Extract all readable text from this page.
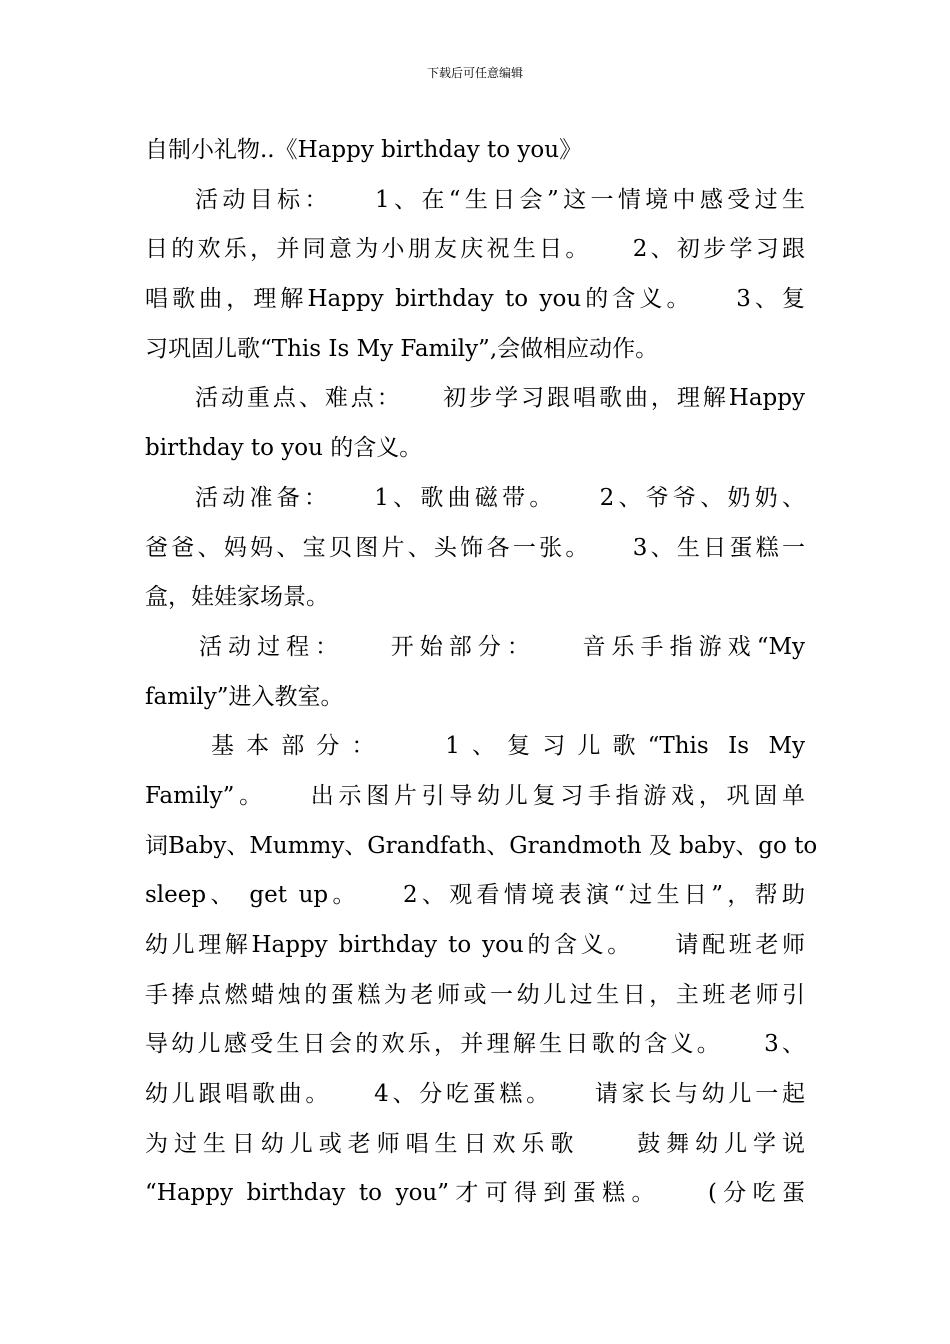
下载后可任意编辑
自制小礼物..《Happy birthday to you》
活动目标：　　1、在“生日会”这一情境中感受过生
日的欢乐，并同意为小朋友庆祝生日。　　2、初步学习跟
唱歌曲，理解Happy birthday to you的含义。　　3、复
习巩固儿歌“This Is My Family”,会做相应动作。
活动重点、难点：　　初步学习跟唱歌曲，理解Happy
birthday to you 的含义。
活动准备：　　1、歌曲磁带。　　2、爷爷、奶奶、
爸爸、妈妈、宝贝图片、头饰各一张。　　3、生日蛋糕一
盒，娃娃家场景。
活动过程：　　开始部分：　　音乐手指游戏“My
family”进入教室。
基本部分：　　1、复习儿歌“This Is My
Family”。　　出示图片引导幼儿复习手指游戏，巩固单
词Baby、Mummy、Grandfath、Grandmoth 及 baby、go to
sleep、 get up。　　2、观看情境表演“过生日”，帮助
幼儿理解Happy birthday to you的含义。　　请配班老师
手捧点燃蜡烛的蛋糕为老师或一幼儿过生日，主班老师引
导幼儿感受生日会的欢乐，并理解生日歌的含义。　　3、
幼儿跟唱歌曲。　　4、分吃蛋糕。　　请家长与幼儿一起
为过生日幼儿或老师唱生日欢乐歌　　鼓舞幼儿学说
“Happy birthday to you”才可得到蛋糕。　　(分吃蛋
